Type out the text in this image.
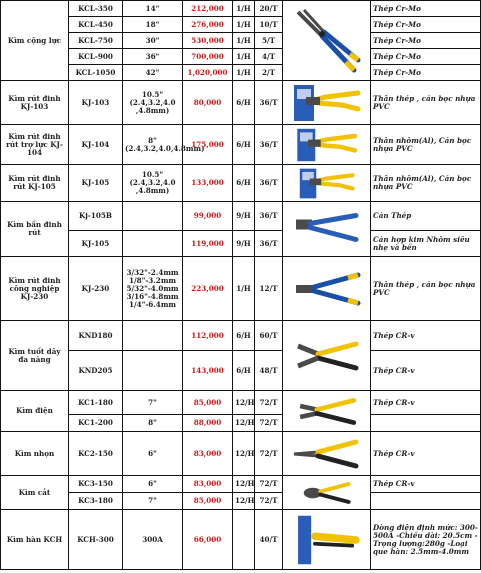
Kìm cộng lực	KCL-350	14"	212,000	1/H	20/T		Thép Cr-Mo
	KCL-450	18"	276,000	1/H	10/T		Thép Cr-Mo
	KCL-750	30"	530,000	1/H	5/T		Thép Cr-Mo
	KCL-900	36"	700,000	1/H	4/T		Thép Cr-Mo
	KCL-1050	42"	1,020,000	1/H	2/T		Thép Cr-Mo
Kìm rút đinh KJ-103	KJ-103	10.5"(2.4,3.2,4.0 ,4.8mm)	80,000	6/H	36/T		Thân thép , cán bọc nhựa PVC
Kìm rút đinh rút trợ lực KJ-104	KJ-104	8"(2.4,3.2,4.0,4.8mm)	175,000	6/H	36/T		Thân nhôm(Al), Cán bọc nhựa PVC
Kìm rút đinh rút KJ-105	KJ-105	10.5"(2.4,3.2,4.0 ,4.8mm)	133,000	6/H	36/T		Thân nhôm(Al), Cán bọc nhựa PVC
Kìm bấn đinh rút	Kj-105B		99,000	9/H	36/T		Cán Thép
	KJ-105		119,000	9/H	36/T		Cán hợp kim Nhôm siêu nhẹ và bền
Kìm rút đinh công nghiệp KJ-230	KJ-230	3/32"-2.4mm 1/8"-3.2mm 5/32"-4.0mm 3/16"-4.8mm 1/4"-6.4mm	223,000	1/H	12/T		Thân thép , cán bọc nhựa PVC
Kìm tuốt dây đa năng	KND180		112,000	6/H	60/T		Thép CR-v
	KND205		143,000	6/H	48/T		Thép CR-v
Kìm điện	KC1-180	7"	85,000	12/H	72/T		Thép CR-v
	KC1-200	8"	88,000	12/H	72/T		
Kìm nhọn	KC2-150	6"	83,000	12/H	72/T		Thép CR-v
Kìm cắt	KC3-150	6"	83,000	12/H	72/T		Thép CR-v
	KC3-180	7"	85,000	12/H	72/T		
Kìm hàn KCH	KCH-300	300A	66,000		40/T		Dòng điện định mức: 300-500A -Chiều dài: 20.5cm -Trọng lượng:280g -Loại que hàn: 2.5mm-4.0mm
